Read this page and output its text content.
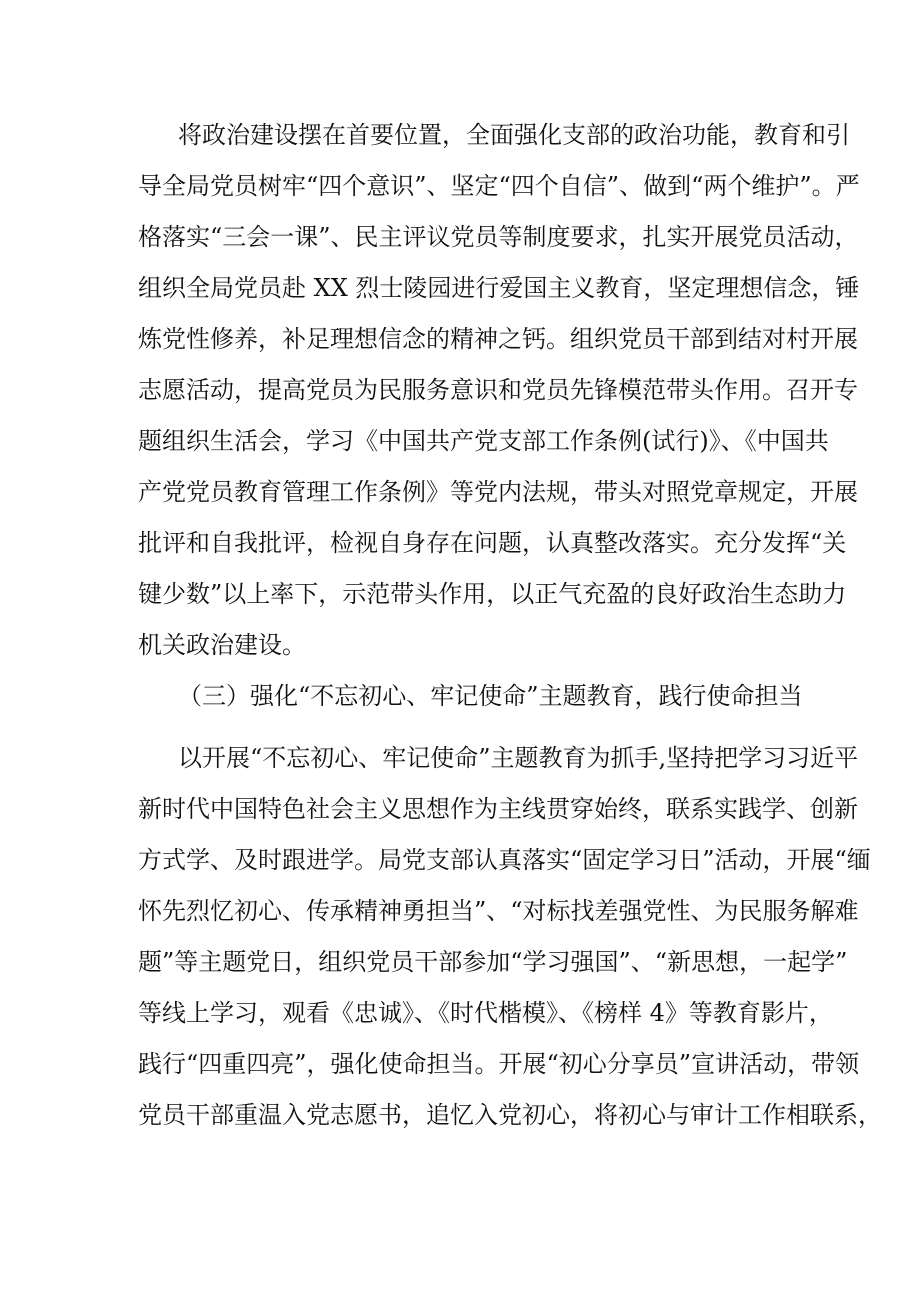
将政治建设摆在首要位置，全面强化支部的政治功能，教育和引
导全局党员树牢“四个意识”、坚定“四个自信”、做到“两个维护”。严
格落实“三会一课”、民主评议党员等制度要求，扎实开展党员活动，
组织全局党员赴 XX 烈士陵园进行爱国主义教育，坚定理想信念，锤
炼党性修养，补足理想信念的精神之钙。组织党员干部到结对村开展
志愿活动，提高党员为民服务意识和党员先锋模范带头作用。召开专
题组织生活会，学习《中国共产党支部工作条例(试行)》、《中国共
产党党员教育管理工作条例》等党内法规，带头对照党章规定，开展
批评和自我批评，检视自身存在问题，认真整改落实。充分发挥“关
键少数”以上率下，示范带头作用，以正气充盈的良好政治生态助力
机关政治建设。
（三）强化“不忘初心、牢记使命”主题教育，践行使命担当
以开展“不忘初心、牢记使命”主题教育为抓手,坚持把学习习近平
新时代中国特色社会主义思想作为主线贯穿始终，联系实践学、创新
方式学、及时跟进学。局党支部认真落实“固定学习日”活动，开展“缅
怀先烈忆初心、传承精神勇担当”、“对标找差强党性、为民服务解难
题”等主题党日，组织党员干部参加“学习强国”、“新思想，一起学”
等线上学习，观看《忠诚》、《时代楷模》、《榜样 4》等教育影片，
践行“四重四亮”，强化使命担当。开展“初心分享员”宣讲活动，带领
党员干部重温入党志愿书，追忆入党初心，将初心与审计工作相联系，
